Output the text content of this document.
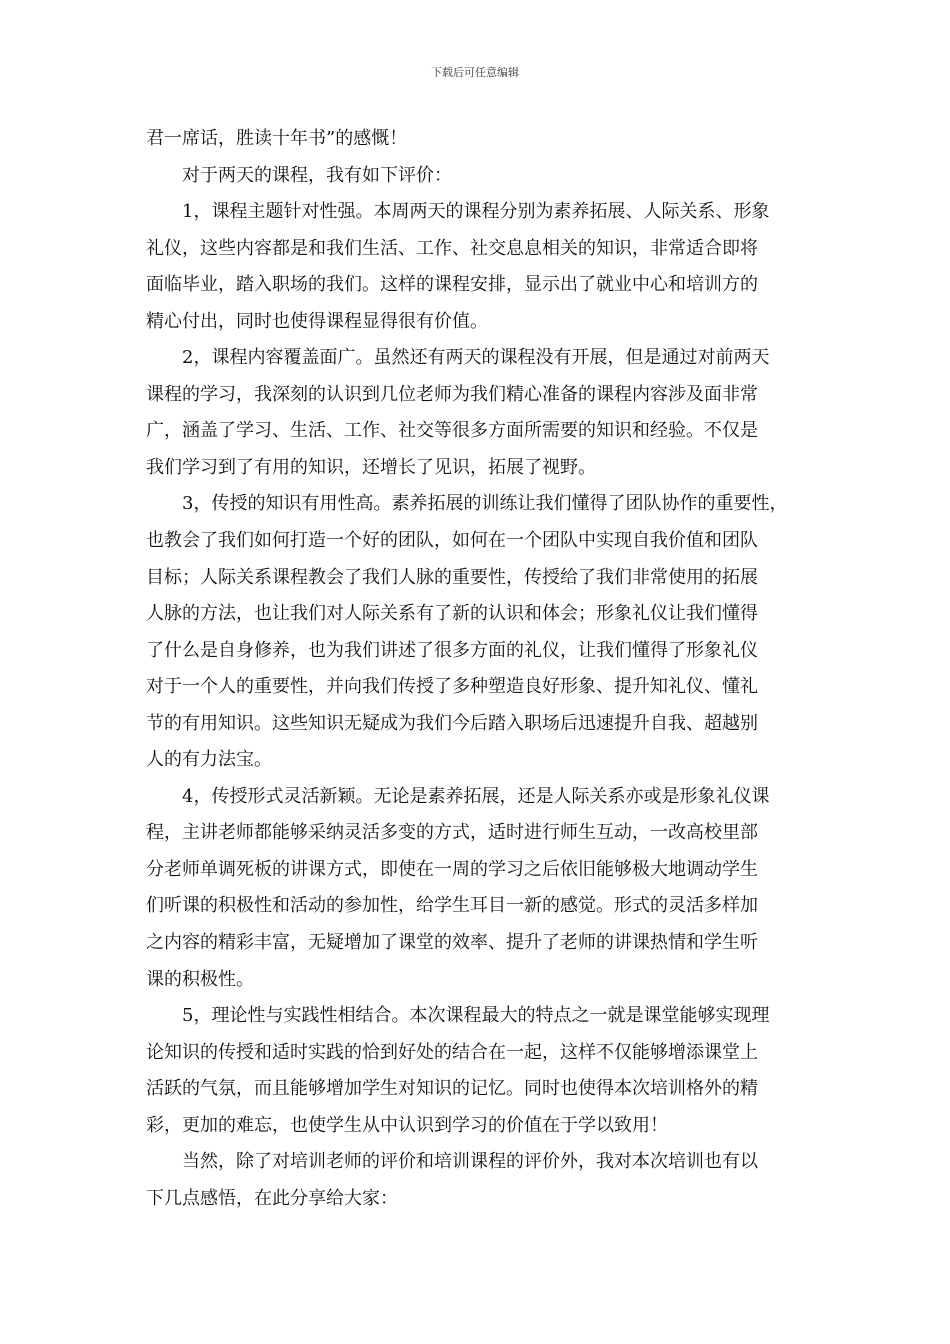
下载后可任意编辑
君一席话，胜读十年书”的感慨！
对于两天的课程，我有如下评价：
1，课程主题针对性强。本周两天的课程分别为素养拓展、人际关系、形象
礼仪，这些内容都是和我们生活、工作、社交息息相关的知识，非常适合即将
面临毕业，踏入职场的我们。这样的课程安排，显示出了就业中心和培训方的
精心付出，同时也使得课程显得很有价值。
2，课程内容覆盖面广。虽然还有两天的课程没有开展，但是通过对前两天
课程的学习，我深刻的认识到几位老师为我们精心准备的课程内容涉及面非常
广，涵盖了学习、生活、工作、社交等很多方面所需要的知识和经验。不仅是
我们学习到了有用的知识，还增长了见识，拓展了视野。
3，传授的知识有用性高。素养拓展的训练让我们懂得了团队协作的重要性，
也教会了我们如何打造一个好的团队，如何在一个团队中实现自我价值和团队
目标；人际关系课程教会了我们人脉的重要性，传授给了我们非常使用的拓展
人脉的方法，也让我们对人际关系有了新的认识和体会；形象礼仪让我们懂得
了什么是自身修养，也为我们讲述了很多方面的礼仪，让我们懂得了形象礼仪
对于一个人的重要性，并向我们传授了多种塑造良好形象、提升知礼仪、懂礼
节的有用知识。这些知识无疑成为我们今后踏入职场后迅速提升自我、超越别
人的有力法宝。
4，传授形式灵活新颖。无论是素养拓展，还是人际关系亦或是形象礼仪课
程，主讲老师都能够采纳灵活多变的方式，适时进行师生互动，一改高校里部
分老师单调死板的讲课方式，即使在一周的学习之后依旧能够极大地调动学生
们听课的积极性和活动的参加性，给学生耳目一新的感觉。形式的灵活多样加
之内容的精彩丰富，无疑增加了课堂的效率、提升了老师的讲课热情和学生听
课的积极性。
5，理论性与实践性相结合。本次课程最大的特点之一就是课堂能够实现理
论知识的传授和适时实践的恰到好处的结合在一起，这样不仅能够增添课堂上
活跃的气氛，而且能够增加学生对知识的记忆。同时也使得本次培训格外的精
彩，更加的难忘，也使学生从中认识到学习的价值在于学以致用！
当然，除了对培训老师的评价和培训课程的评价外，我对本次培训也有以
下几点感悟，在此分享给大家：
